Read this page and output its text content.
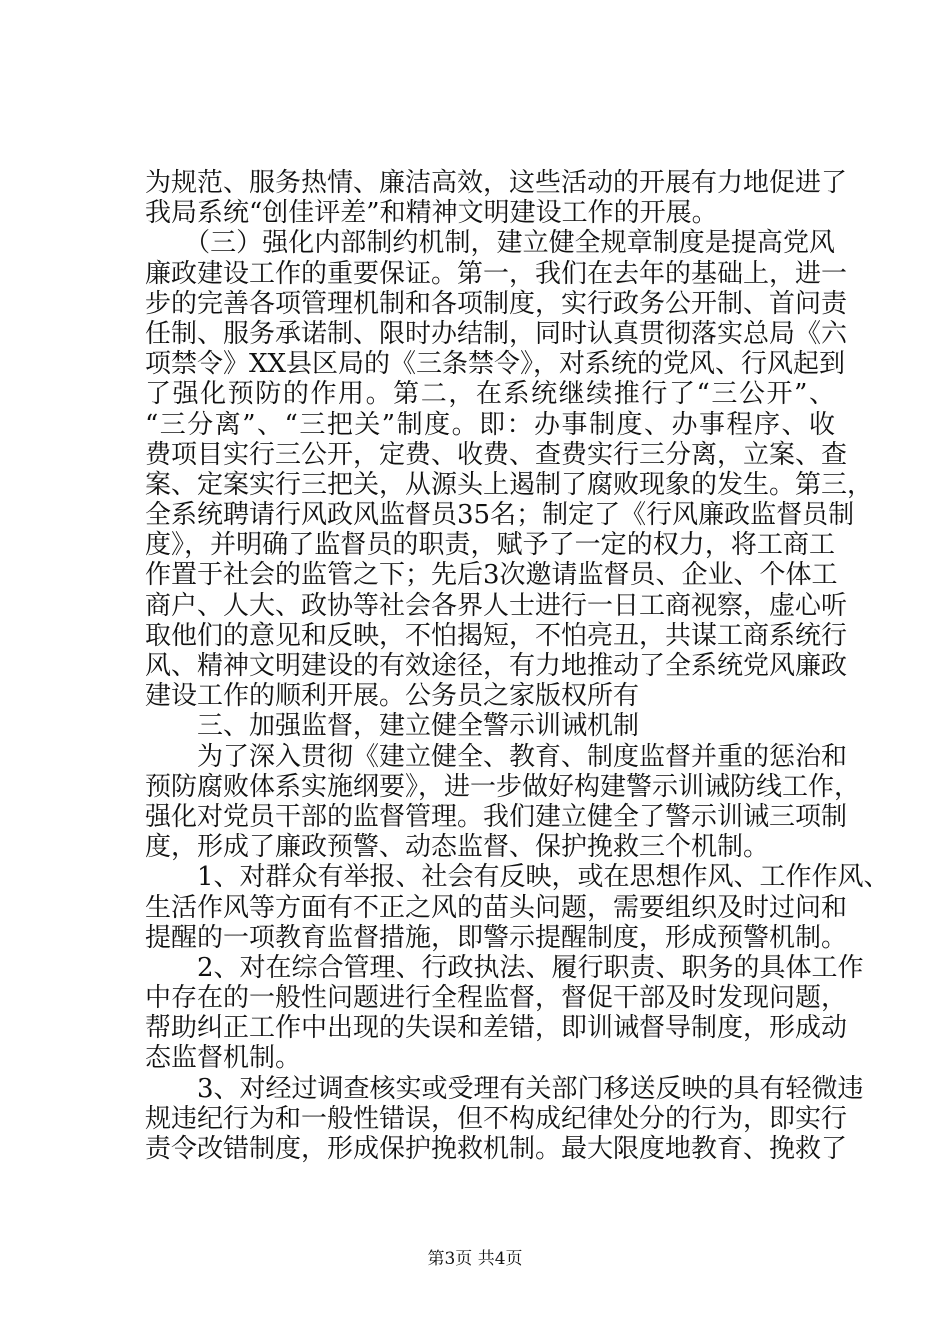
为规范、服务热情、廉洁高效，这些活动的开展有力地促进了
我局系统“创佳评差”和精神文明建设工作的开展。
　　（三）强化内部制约机制，建立健全规章制度是提高党风
廉政建设工作的重要保证。第一，我们在去年的基础上，进一
步的完善各项管理机制和各项制度，实行政务公开制、首问责
任制、服务承诺制、限时办结制，同时认真贯彻落实总局《六
项禁令》XX县区局的《三条禁令》，对系统的党风、行风起到
了强化预防的作用。第二，在系统继续推行了“三公开”、
“三分离”、“三把关”制度。即：办事制度、办事程序、收
费项目实行三公开，定费、收费、查费实行三分离，立案、查
案、定案实行三把关，从源头上遏制了腐败现象的发生。第三，
全系统聘请行风政风监督员35名；制定了《行风廉政监督员制
度》，并明确了监督员的职责，赋予了一定的权力，将工商工
作置于社会的监管之下；先后3次邀请监督员、企业、个体工
商户、人大、政协等社会各界人士进行一日工商视察，虚心听
取他们的意见和反映，不怕揭短，不怕亮丑，共谋工商系统行
风、精神文明建设的有效途径，有力地推动了全系统党风廉政
建设工作的顺利开展。公务员之家版权所有
　　三、加强监督，建立健全警示训诫机制
　　为了深入贯彻《建立健全、教育、制度监督并重的惩治和
预防腐败体系实施纲要》，进一步做好构建警示训诫防线工作，
强化对党员干部的监督管理。我们建立健全了警示训诫三项制
度，形成了廉政预警、动态监督、保护挽救三个机制。
　　1、对群众有举报、社会有反映，或在思想作风、工作作风、
生活作风等方面有不正之风的苗头问题，需要组织及时过问和
提醒的一项教育监督措施，即警示提醒制度，形成预警机制。
　　2、对在综合管理、行政执法、履行职责、职务的具体工作
中存在的一般性问题进行全程监督，督促干部及时发现问题，
帮助纠正工作中出现的失误和差错，即训诫督导制度，形成动
态监督机制。
　　3、对经过调查核实或受理有关部门移送反映的具有轻微违
规违纪行为和一般性错误，但不构成纪律处分的行为，即实行
责令改错制度，形成保护挽救机制。最大限度地教育、挽救了
第3页 共4页
